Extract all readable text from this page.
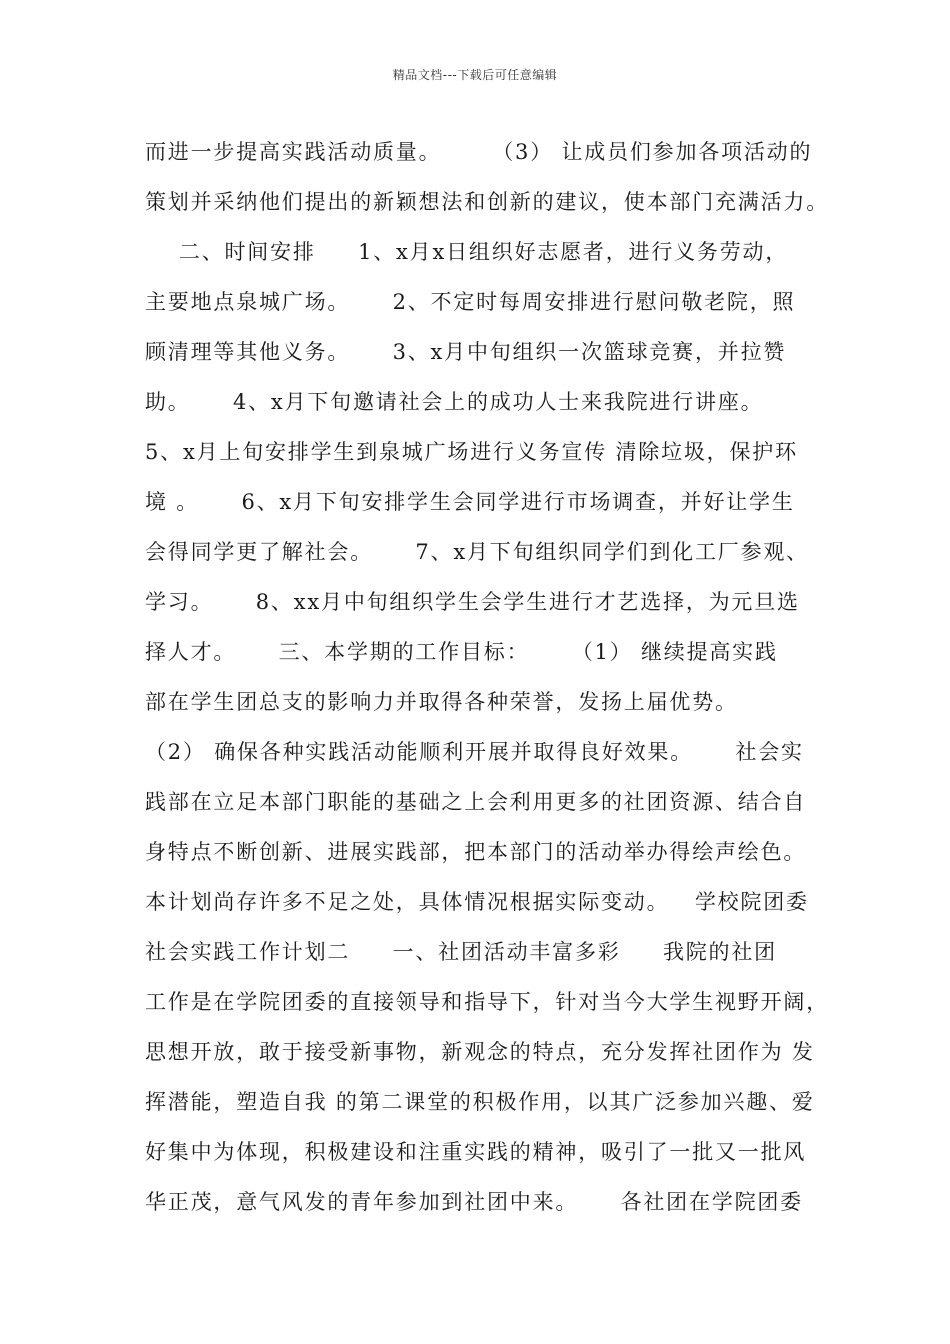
精品文档---下载后可任意编辑
而进一步提高实践活动质量。      （3） 让成员们参加各项活动的
策划并采纳他们提出的新颖想法和创新的建议，使本部门充满活力。
二、时间安排     1、x月x日组织好志愿者，进行义务劳动，
主要地点泉城广场。     2、不定时每周安排进行慰问敬老院，照
顾清理等其他义务。     3、x月中旬组织一次篮球竞赛，并拉赞
助。     4、x月下旬邀请社会上的成功人士来我院进行讲座。
5、x月上旬安排学生到泉城广场进行义务宣传 清除垃圾，保护环
境 。     6、x月下旬安排学生会同学进行市场调查，并好让学生
会得同学更了解社会。     7、x月下旬组织同学们到化工厂参观、
学习。     8、xx月中旬组织学生会学生进行才艺选择，为元旦选
择人才。     三、本学期的工作目标：     （1） 继续提高实践
部在学生团总支的影响力并取得各种荣誉，发扬上届优势。
（2） 确保各种实践活动能顺利开展并取得良好效果。     社会实
践部在立足本部门职能的基础之上会利用更多的社团资源、结合自
身特点不断创新、进展实践部，把本部门的活动举办得绘声绘色。
本计划尚存许多不足之处，具体情况根据实际变动。   学校院团委
社会实践工作计划二     一、社团活动丰富多彩     我院的社团
工作是在学院团委的直接领导和指导下，针对当今大学生视野开阔，
思想开放，敢于接受新事物，新观念的特点，充分发挥社团作为 发
挥潜能，塑造自我 的第二课堂的积极作用，以其广泛参加兴趣、爱
好集中为体现，积极建设和注重实践的精神，吸引了一批又一批风
华正茂，意气风发的青年参加到社团中来。     各社团在学院团委
